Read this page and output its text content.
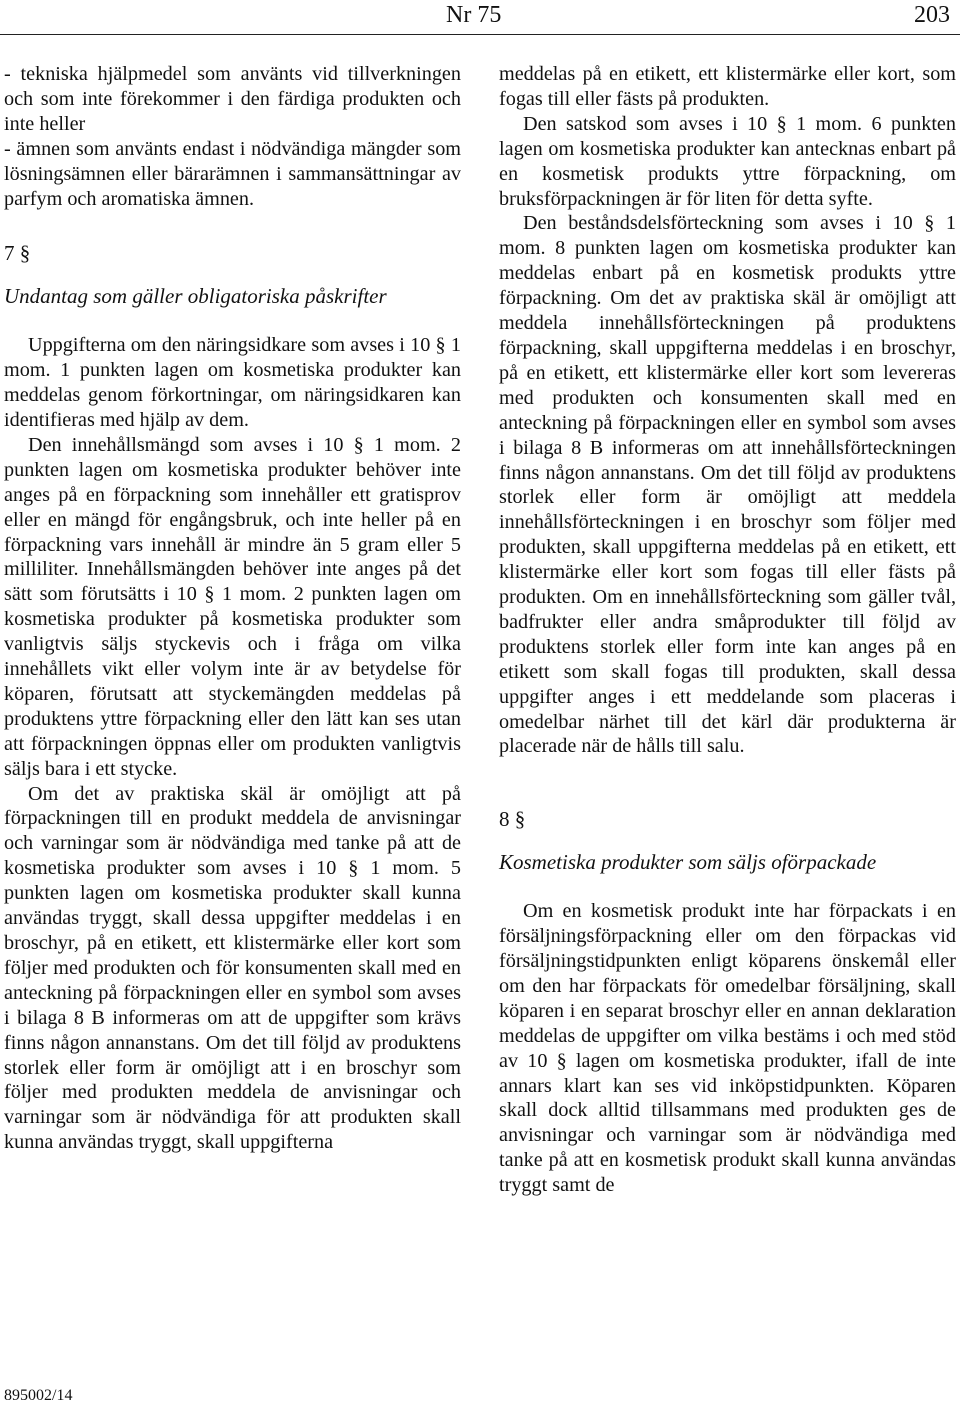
Nr 75	203

- tekniska hjälpmedel som använts vid tillverkningen och som inte förekommer i den färdiga produkten och inte heller

- ämnen som använts endast i nödvändiga mängder som lösningsämnen eller bärarämnen i sammansättningar av parfym och aromatiska ämnen.

7 §

Undantag som gäller obligatoriska påskrifter

Uppgifterna om den näringsidkare som avses i 10 § 1 mom. 1 punkten lagen om kosmetiska produkter kan meddelas genom förkortningar, om näringsidkaren kan identifieras med hjälp av dem.

Den innehållsmängd som avses i 10 § 1 mom. 2 punkten lagen om kosmetiska produkter behöver inte anges på en förpackning som innehåller ett gratisprov eller en mängd för engångsbruk, och inte heller på en förpackning vars innehåll är mindre än 5 gram eller 5 milliliter. Innehållsmängden behöver inte anges på det sätt som förutsätts i 10 § 1 mom. 2 punkten lagen om kosmetiska produkter på kosmetiska produkter som vanligtvis säljs styckevis och i fråga om vilka innehållets vikt eller volym inte är av betydelse för köparen, förutsatt att styckemängden meddelas på produktens yttre förpackning eller den lätt kan ses utan att förpackningen öppnas eller om produkten vanligtvis säljs bara i ett stycke.

Om det av praktiska skäl är omöjligt att på förpackningen till en produkt meddela de anvisningar och varningar som är nödvändiga med tanke på att de kosmetiska produkter som avses i 10 § 1 mom. 5 punkten lagen om kosmetiska produkter skall kunna användas tryggt, skall dessa uppgifter meddelas i en broschyr, på en etikett, ett klistermärke eller kort som följer med produkten och för konsumenten skall med en anteckning på förpackningen eller en symbol som avses i bilaga 8 B informeras om att de uppgifter som krävs finns någon annanstans. Om det till följd av produktens storlek eller form är omöjligt att i en broschyr som följer med produkten meddela de anvisningar och varningar som är nödvändiga för att produkten skall kunna användas tryggt, skall uppgifterna

meddelas på en etikett, ett klistermärke eller kort, som fogas till eller fästs på produkten.

Den satskod som avses i 10 § 1 mom. 6 punkten lagen om kosmetiska produkter kan antecknas enbart på en kosmetisk produkts yttre förpackning, om bruksförpackningen är för liten för detta syfte.

Den beståndsdelsförteckning som avses i 10 § 1 mom. 8 punkten lagen om kosmetiska produkter kan meddelas enbart på en kosmetisk produkts yttre förpackning. Om det av praktiska skäl är omöjligt att meddela innehållsförteckningen på produktens förpackning, skall uppgifterna meddelas i en broschyr, på en etikett, ett klistermärke eller kort som levereras med produkten och konsumenten skall med en anteckning på förpackningen eller en symbol som avses i bilaga 8 B informeras om att innehållsförteckningen finns någon annanstans. Om det till följd av produktens storlek eller form är omöjligt att meddela innehållsförteckningen i en broschyr som följer med produkten, skall uppgifterna meddelas på en etikett, ett klistermärke eller kort som fogas till eller fästs på produkten. Om en innehållsförteckning som gäller tvål, badfrukter eller andra småprodukter till följd av produktens storlek eller form inte kan anges på en etikett som skall fogas till produkten, skall dessa uppgifter anges i ett meddelande som placeras i omedelbar närhet till det kärl där produkterna är placerade när de hålls till salu.

8 §

Kosmetiska produkter som säljs oförpackade

Om en kosmetisk produkt inte har förpackats i en försäljningsförpackning eller om den förpackas vid försäljningstidpunkten enligt köparens önskemål eller om den har förpackats för omedelbar försäljning, skall köparen i en separat broschyr eller en annan deklaration meddelas de uppgifter om vilka bestäms i och med stöd av 10 § lagen om kosmetiska produkter, ifall de inte annars klart kan ses vid inköpstidpunkten. Köparen skall dock alltid tillsammans med produkten ges de anvisningar och varningar som är nödvändiga med tanke på att en kosmetisk produkt skall kunna användas tryggt samt de

895002/14
